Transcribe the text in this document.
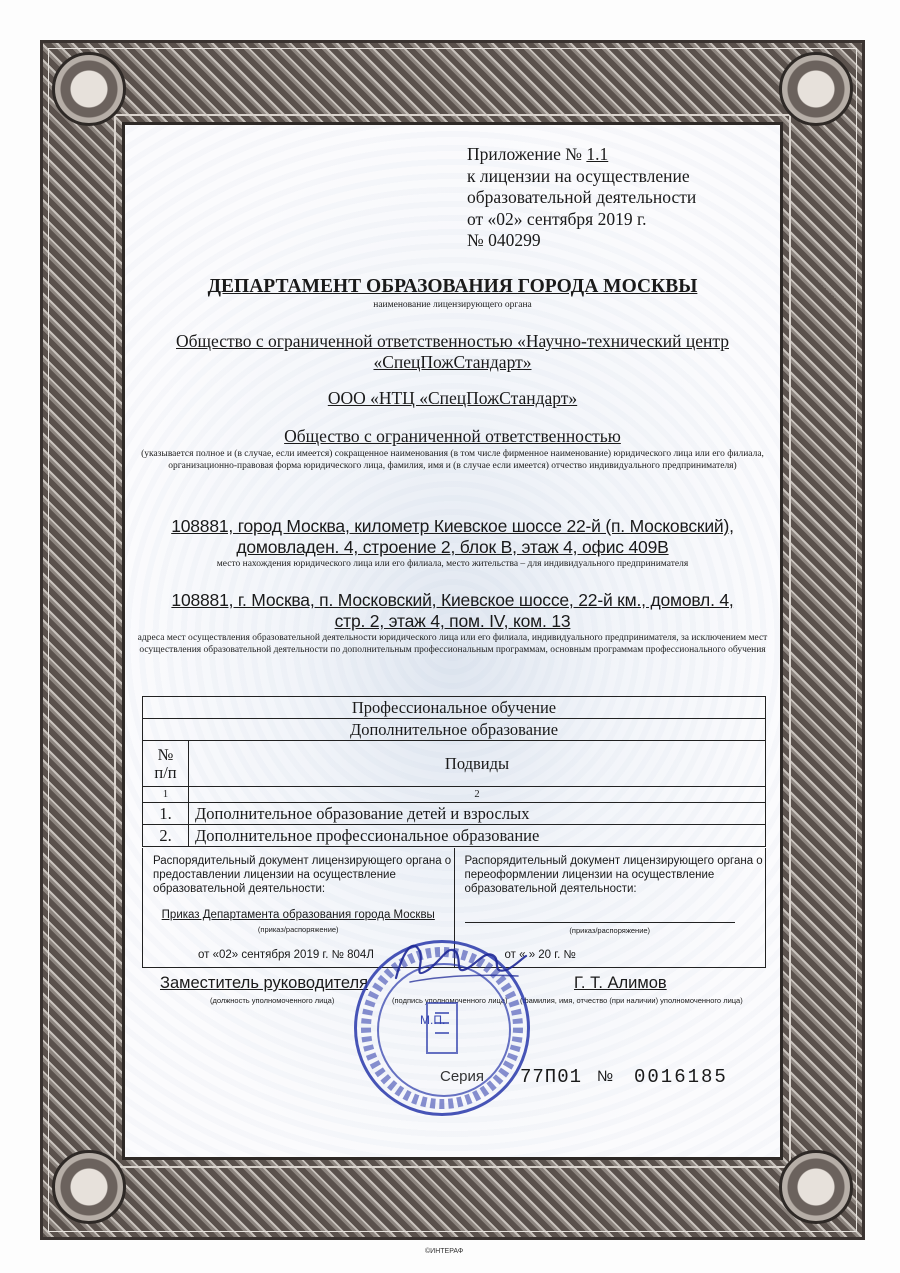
Приложение № 1.1
к лицензии на осуществление
образовательной деятельности
от «02» сентября 2019 г.
№ 040299
ДЕПАРТАМЕНТ ОБРАЗОВАНИЯ ГОРОДА МОСКВЫ
наименование лицензирующего органа
Общество с ограниченной ответственностью «Научно-технический центр «СпецПожСтандарт»
ООО «НТЦ «СпецПожСтандарт»
Общество с ограниченной ответственностью
(указывается полное и (в случае, если имеется) сокращенное наименования (в том числе фирменное наименование) юридического лица или его филиала, организационно-правовая форма юридического лица, фамилия, имя и (в случае если имеется) отчество индивидуального предпринимателя)
108881, город Москва, километр Киевское шоссе 22-й (п. Московский), домовладен. 4, строение 2, блок В, этаж 4, офис 409В
место нахождения юридического лица или его филиала, место жительства – для индивидуального предпринимателя
108881, г. Москва, п. Московский, Киевское шоссе, 22-й км., домовл. 4, стр. 2, этаж 4, пом. IV, ком. 13
адреса мест осуществления образовательной деятельности юридического лица или его филиала, индивидуального предпринимателя, за исключением мест осуществления образовательной деятельности по дополнительным профессиональным программам, основным программам профессионального обучения
Профессиональное обучение	
Дополнительное образование	
№ п/п	Подвиды
1	2
1.	Дополнительное образование детей и взрослых
2.	Дополнительное профессиональное образование
Распорядительный документ лицензирующего органа о предоставлении лицензии на осуществление образовательной деятельности:
Приказ Департамента образования города Москвы
(приказ/распоряжение)
от «02» сентября 2019 г. № 804Л
Распорядительный документ лицензирующего органа о переоформлении лицензии на осуществление образовательной деятельности:
(приказ/распоряжение)
от « » 20 г. №
Заместитель руководителя
(должность уполномоченного лица)	(подпись уполномоченного лица)
Г. Т. Алимов
(фамилия, имя, отчество (при наличии) уполномоченного лица)
М.П.
Серия 77П01 № 0016185
©ИНТЕРАФ
